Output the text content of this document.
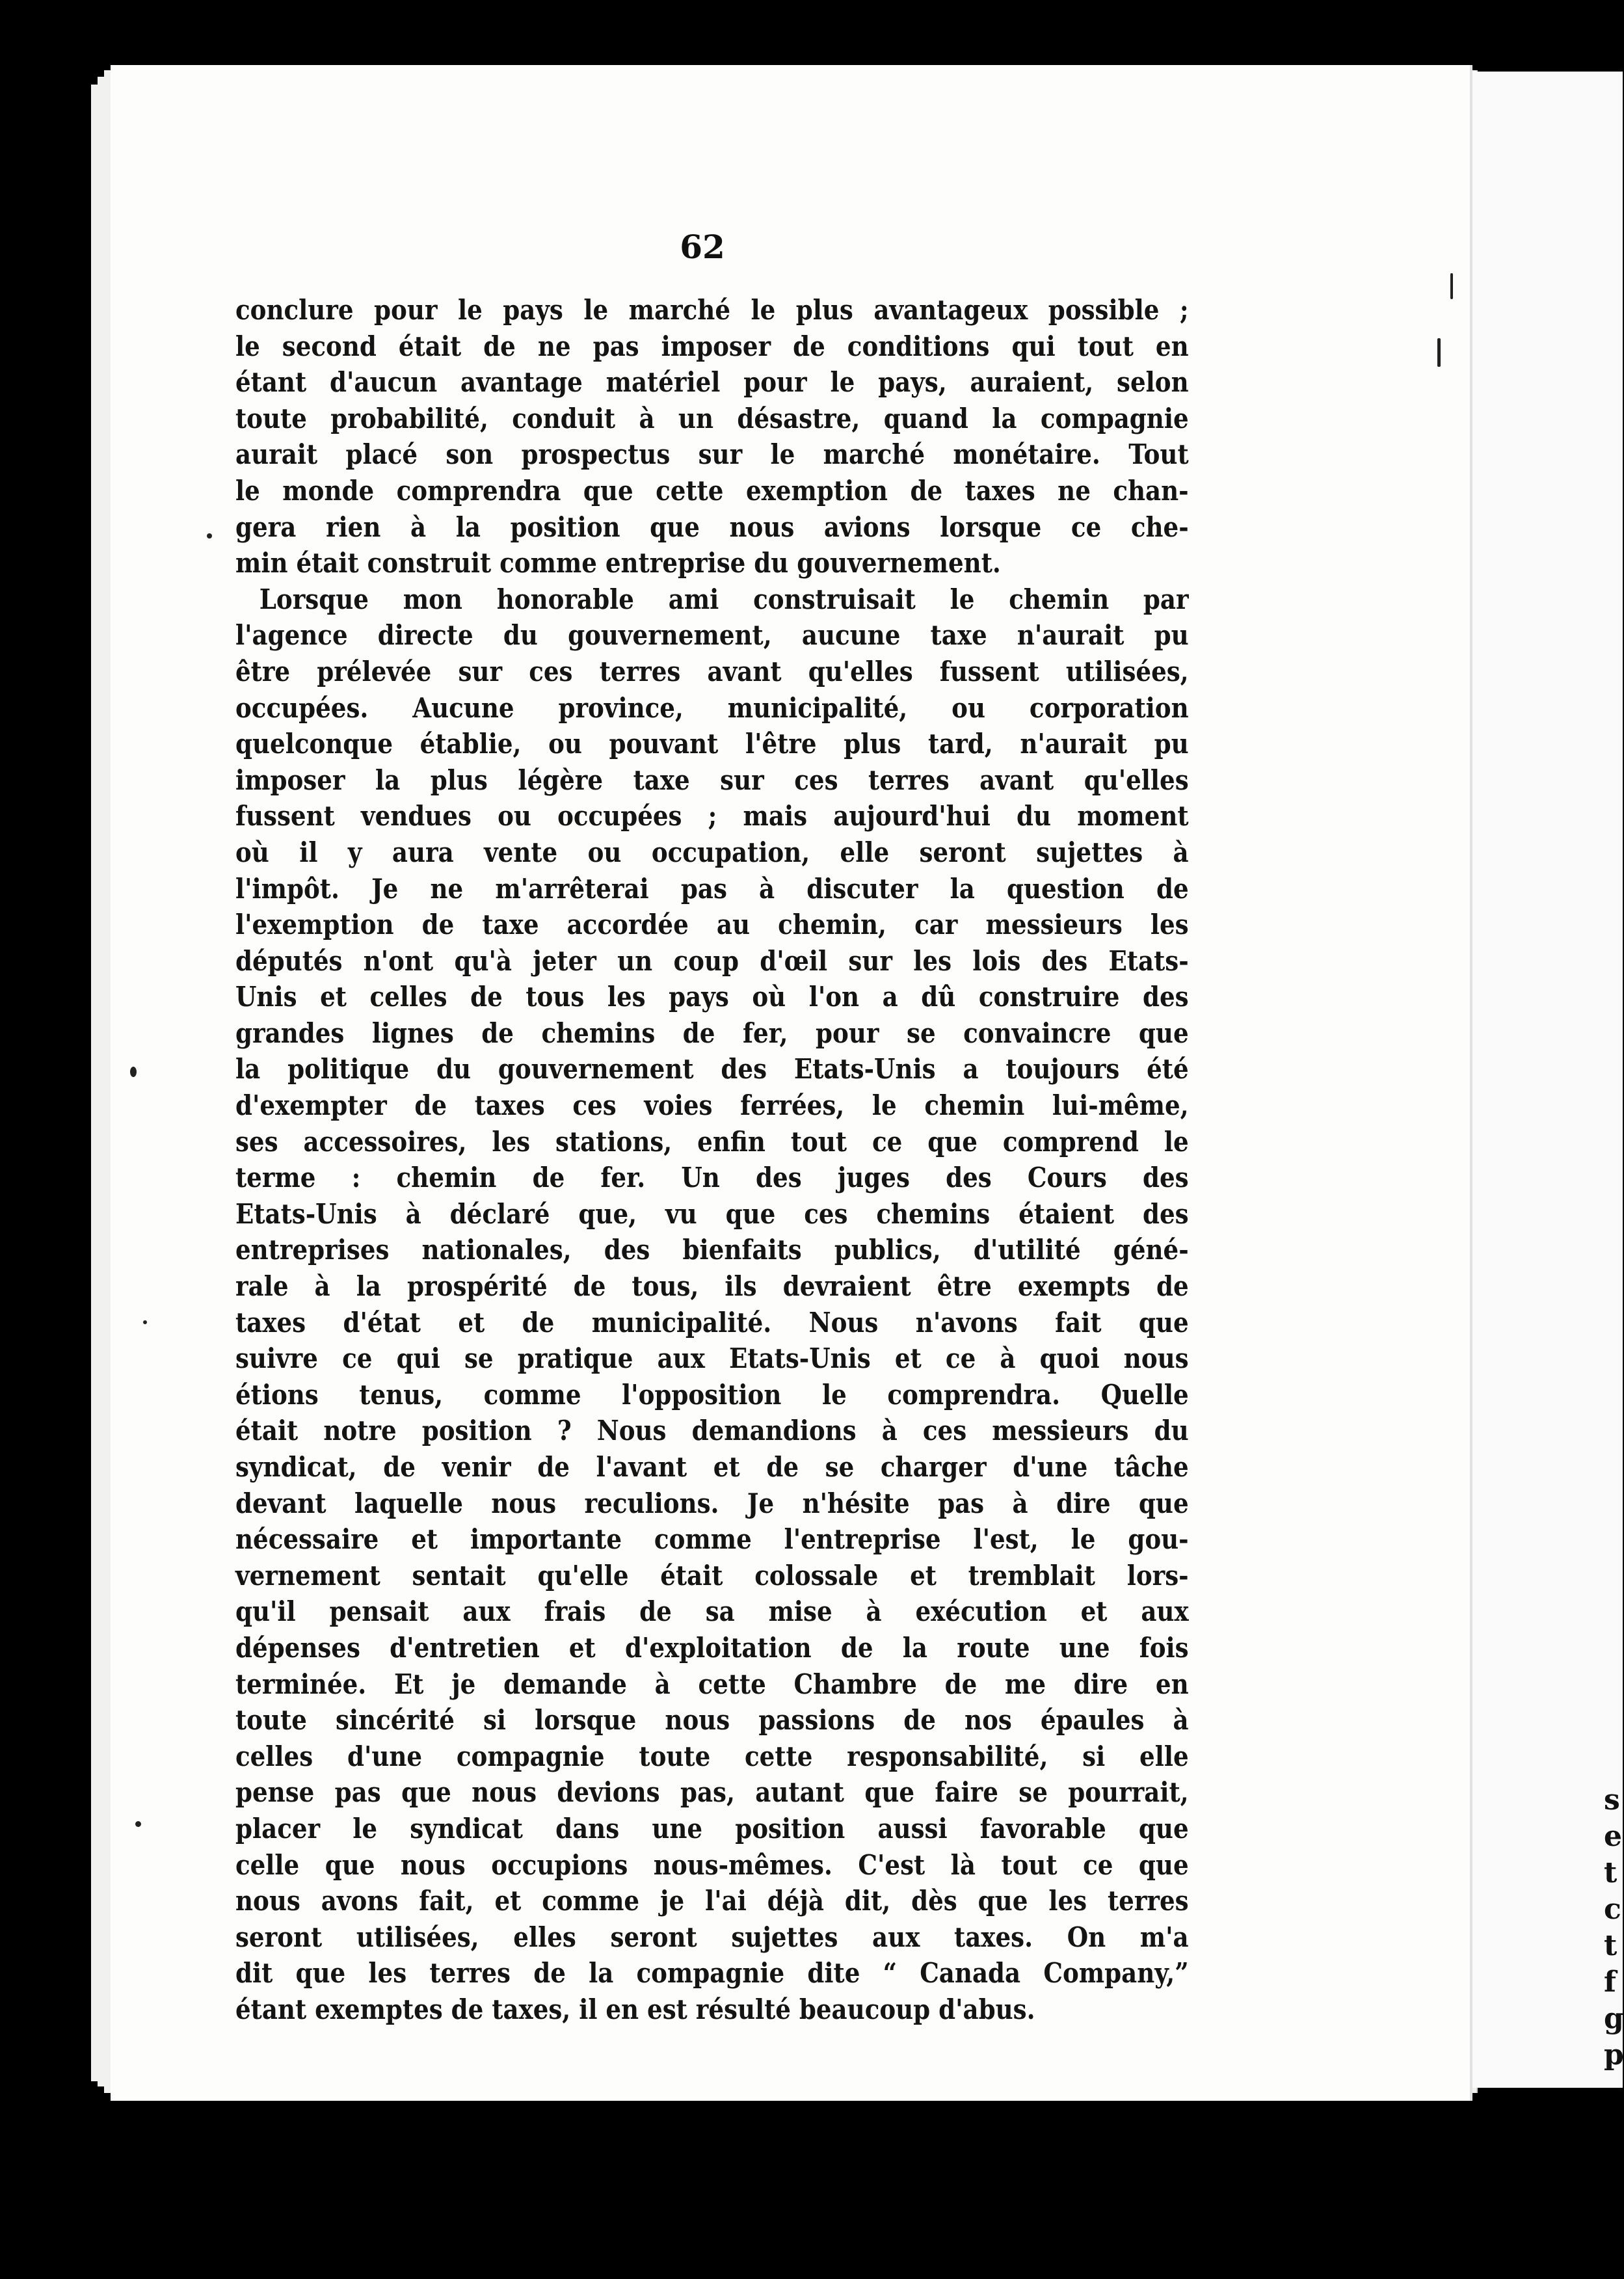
s
e
t
c
t
f
g
p
62
conclure pour le pays le marché le plus avantageux possible ;
le second était de ne pas imposer de conditions qui tout en
étant d'aucun avantage matériel pour le pays, auraient, selon
toute probabilité, conduit à un désastre, quand la compagnie
aurait placé son prospectus sur le marché monétaire. Tout
le monde comprendra que cette exemption de taxes ne chan-
gera rien à la position que nous avions lorsque ce che-
min était construit comme entreprise du gouvernement.
Lorsque mon honorable ami construisait le chemin par
l'agence directe du gouvernement, aucune taxe n'aurait pu
être prélevée sur ces terres avant qu'elles fussent utilisées,
occupées. Aucune province, municipalité, ou corporation
quelconque établie, ou pouvant l'être plus tard, n'aurait pu
imposer la plus légère taxe sur ces terres avant qu'elles
fussent vendues ou occupées ; mais aujourd'hui du moment
où il y aura vente ou occupation, elle seront sujettes à
l'impôt. Je ne m'arrêterai pas à discuter la question de
l'exemption de taxe accordée au chemin, car messieurs les
députés n'ont qu'à jeter un coup d'œil sur les lois des Etats-
Unis et celles de tous les pays où l'on a dû construire des
grandes lignes de chemins de fer, pour se convaincre que
la politique du gouvernement des Etats-Unis a toujours été
d'exempter de taxes ces voies ferrées, le chemin lui-même,
ses accessoires, les stations, enfin tout ce que comprend le
terme : chemin de fer. Un des juges des Cours des
Etats-Unis à déclaré que, vu que ces chemins étaient des
entreprises nationales, des bienfaits publics, d'utilité géné-
rale à la prospérité de tous, ils devraient être exempts de
taxes d'état et de municipalité. Nous n'avons fait que
suivre ce qui se pratique aux Etats-Unis et ce à quoi nous
étions tenus, comme l'opposition le comprendra. Quelle
était notre position ? Nous demandions à ces messieurs du
syndicat, de venir de l'avant et de se charger d'une tâche
devant laquelle nous reculions. Je n'hésite pas à dire que
nécessaire et importante comme l'entreprise l'est, le gou-
vernement sentait qu'elle était colossale et tremblait lors-
qu'il pensait aux frais de sa mise à exécution et aux
dépenses d'entretien et d'exploitation de la route une fois
terminée. Et je demande à cette Chambre de me dire en
toute sincérité si lorsque nous passions de nos épaules à
celles d'une compagnie toute cette responsabilité, si elle
pense pas que nous devions pas, autant que faire se pourrait,
placer le syndicat dans une position aussi favorable que
celle que nous occupions nous-mêmes. C'est là tout ce que
nous avons fait, et comme je l'ai déjà dit, dès que les terres
seront utilisées, elles seront sujettes aux taxes. On m'a
dit que les terres de la compagnie dite “ Canada Company,”
étant exemptes de taxes, il en est résulté beaucoup d'abus.
